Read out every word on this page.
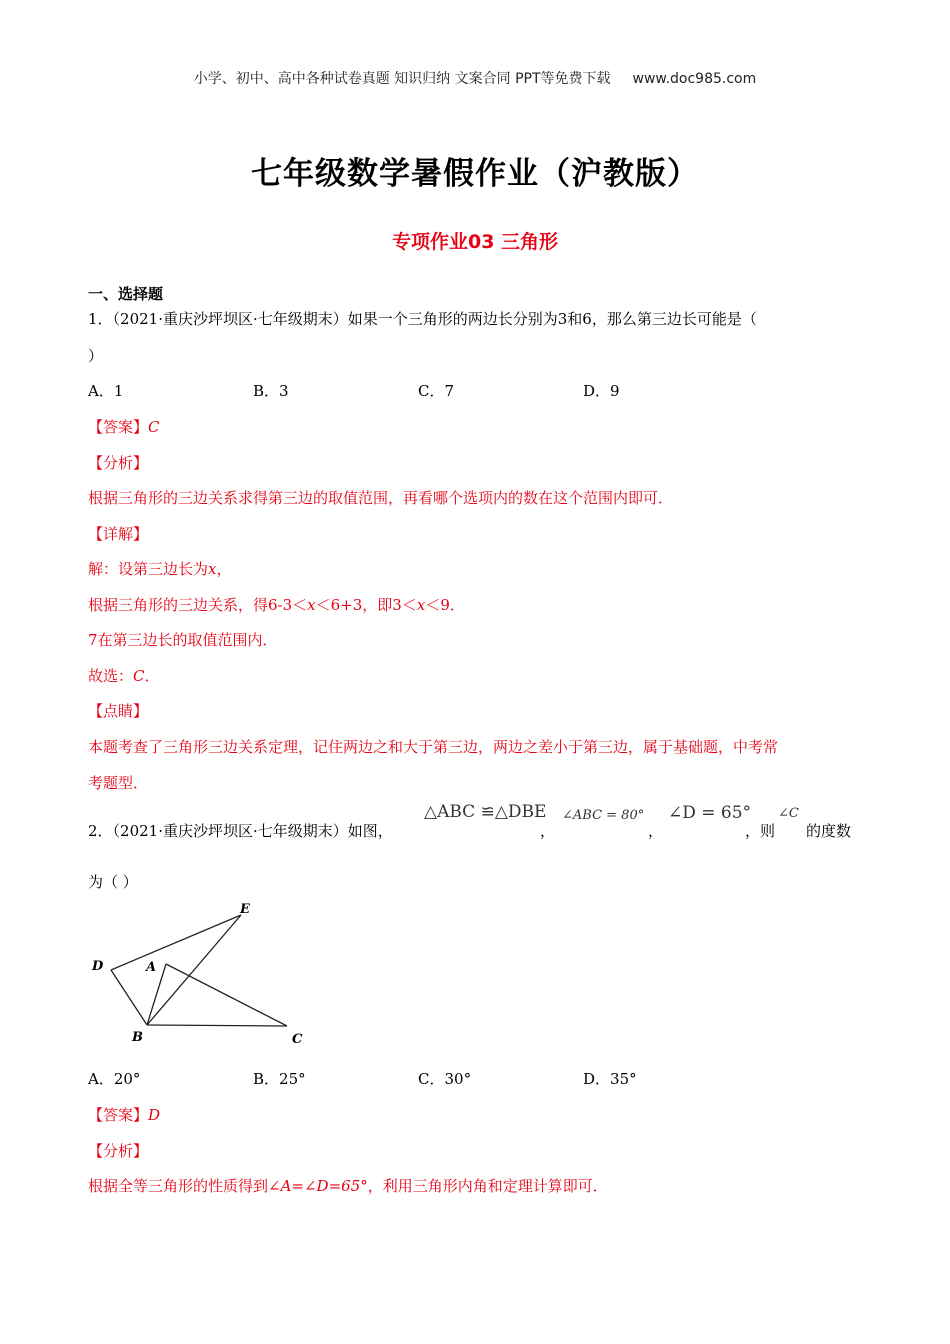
小学、初中、高中各种试卷真题 知识归纳 文案合同 PPT等免费下载 www.doc985.com
七年级数学暑假作业（沪教版）
专项作业03 三角形
一、选择题
1．（2021·重庆沙坪坝区·七年级期末）如果一个三角形的两边长分别为3和6，那么第三边长可能是（
）
A．1	B．3	C．7	D．9
【答案】C
【分析】
根据三角形的三边关系求得第三边的取值范围，再看哪个选项内的数在这个范围内即可．
【详解】
解：设第三边长为x，
根据三角形的三边关系，得6-3＜x＜6+3，即3＜x＜9．
7在第三边长的取值范围内．
故选：C．
【点睛】
本题考查了三角形三边关系定理，记住两边之和大于第三边，两边之差小于第三边，属于基础题，中考常
考题型．
2．（2021·重庆沙坪坝区·七年级期末）如图，
△ABC ≌△DBE
，
∠ABC = 80°
，
∠D = 65°
，则
∠C
的度数
为（ ）
E
D	A
B	C
A．20°	B．25°	C．30°	D．35°
【答案】D
【分析】
根据全等三角形的性质得到∠A=∠D=65°，利用三角形内角和定理计算即可．
